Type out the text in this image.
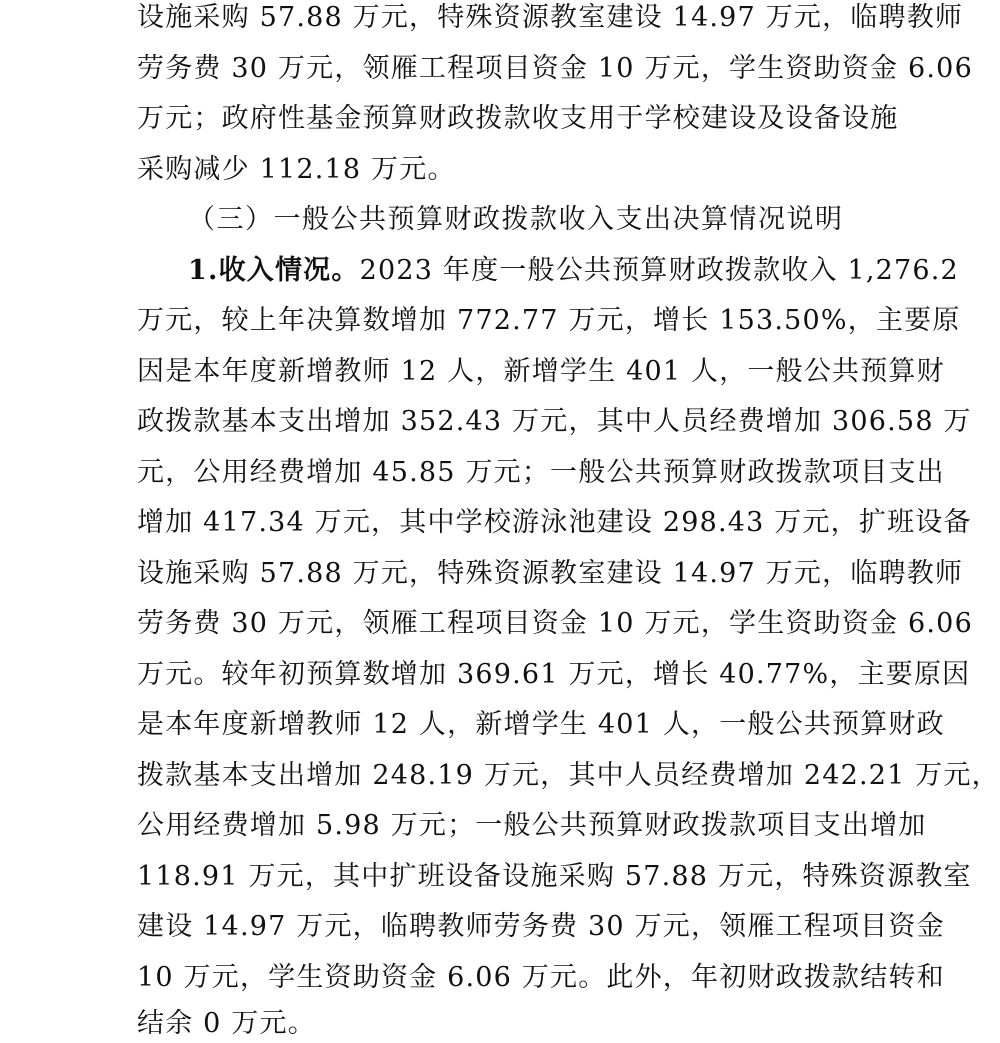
设施采购 57.88 万元，特殊资源教室建设 14.97 万元，临聘教师
劳务费 30 万元，领雁工程项目资金 10 万元，学生资助资金 6.06
万元；政府性基金预算财政拨款收支用于学校建设及设备设施
采购减少 112.18 万元。
（三）一般公共预算财政拨款收入支出决算情况说明
1.收入情况。2023 年度一般公共预算财政拨款收入 1,276.2
万元，较上年决算数增加 772.77 万元，增长 153.50%，主要原
因是本年度新增教师 12 人，新增学生 401 人，一般公共预算财
政拨款基本支出增加 352.43 万元，其中人员经费增加 306.58 万
元，公用经费增加 45.85 万元；一般公共预算财政拨款项目支出
增加 417.34 万元，其中学校游泳池建设 298.43 万元，扩班设备
设施采购 57.88 万元，特殊资源教室建设 14.97 万元，临聘教师
劳务费 30 万元，领雁工程项目资金 10 万元，学生资助资金 6.06
万元。较年初预算数增加 369.61 万元，增长 40.77%，主要原因
是本年度新增教师 12 人，新增学生 401 人，一般公共预算财政
拨款基本支出增加 248.19 万元，其中人员经费增加 242.21 万元，
公用经费增加 5.98 万元；一般公共预算财政拨款项目支出增加
118.91 万元，其中扩班设备设施采购 57.88 万元，特殊资源教室
建设 14.97 万元，临聘教师劳务费 30 万元，领雁工程项目资金
10 万元，学生资助资金 6.06 万元。此外，年初财政拨款结转和
结余 0 万元。
